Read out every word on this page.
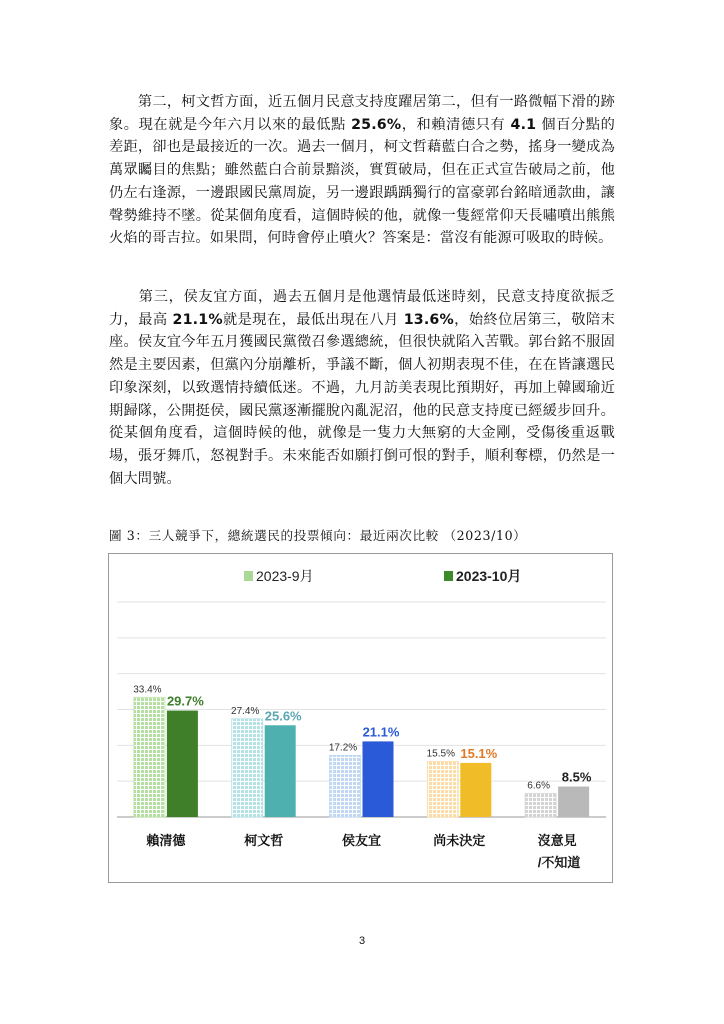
　　第二，柯文哲方面，近五個月民意支持度躍居第二，但有一路微幅下滑的跡象。現在就是今年六月以來的最低點 25.6%，和賴清德只有 4.1 個百分點的差距，卻也是最接近的一次。過去一個月，柯文哲藉藍白合之勢，搖身一變成為萬眾矚目的焦點；雖然藍白合前景黯淡，實質破局，但在正式宣告破局之前，他仍左右逢源，一邊跟國民黨周旋，另一邊跟踽踽獨行的富豪郭台銘暗通款曲，讓聲勢維持不墜。從某個角度看，這個時候的他，就像一隻經常仰天長嘯噴出熊熊火焰的哥吉拉。如果問，何時會停止噴火？答案是：當沒有能源可吸取的時候。

　　第三，侯友宜方面，過去五個月是他選情最低迷時刻，民意支持度欲振乏力，最高 21.1%就是現在，最低出現在八月 13.6%，始終位居第三，敬陪末座。侯友宜今年五月獲國民黨徵召參選總統，但很快就陷入苦戰。郭台銘不服固然是主要因素，但黨內分崩離析，爭議不斷，個人初期表現不佳，在在皆讓選民印象深刻，以致選情持續低迷。不過，九月訪美表現比預期好，再加上韓國瑜近期歸隊，公開挺侯，國民黨逐漸擺脫內亂泥沼，他的民意支持度已經緩步回升。從某個角度看，這個時候的他，就像是一隻力大無窮的大金剛，受傷後重返戰場，張牙舞爪，怒視對手。未來能否如願打倒可恨的對手，順利奪標，仍然是一個大問號。

圖 3：三人競爭下，總統選民的投票傾向：最近兩次比較 （2023/10）
2023-9月	2023-10月
33.4%
29.7%
賴清德
27.4% 25.6%
柯文哲
17.2%
21.1%
侯友宜
15.5% 15.1%
尚未決定
6.6%
8.5%
沒意見
/不知道
3
